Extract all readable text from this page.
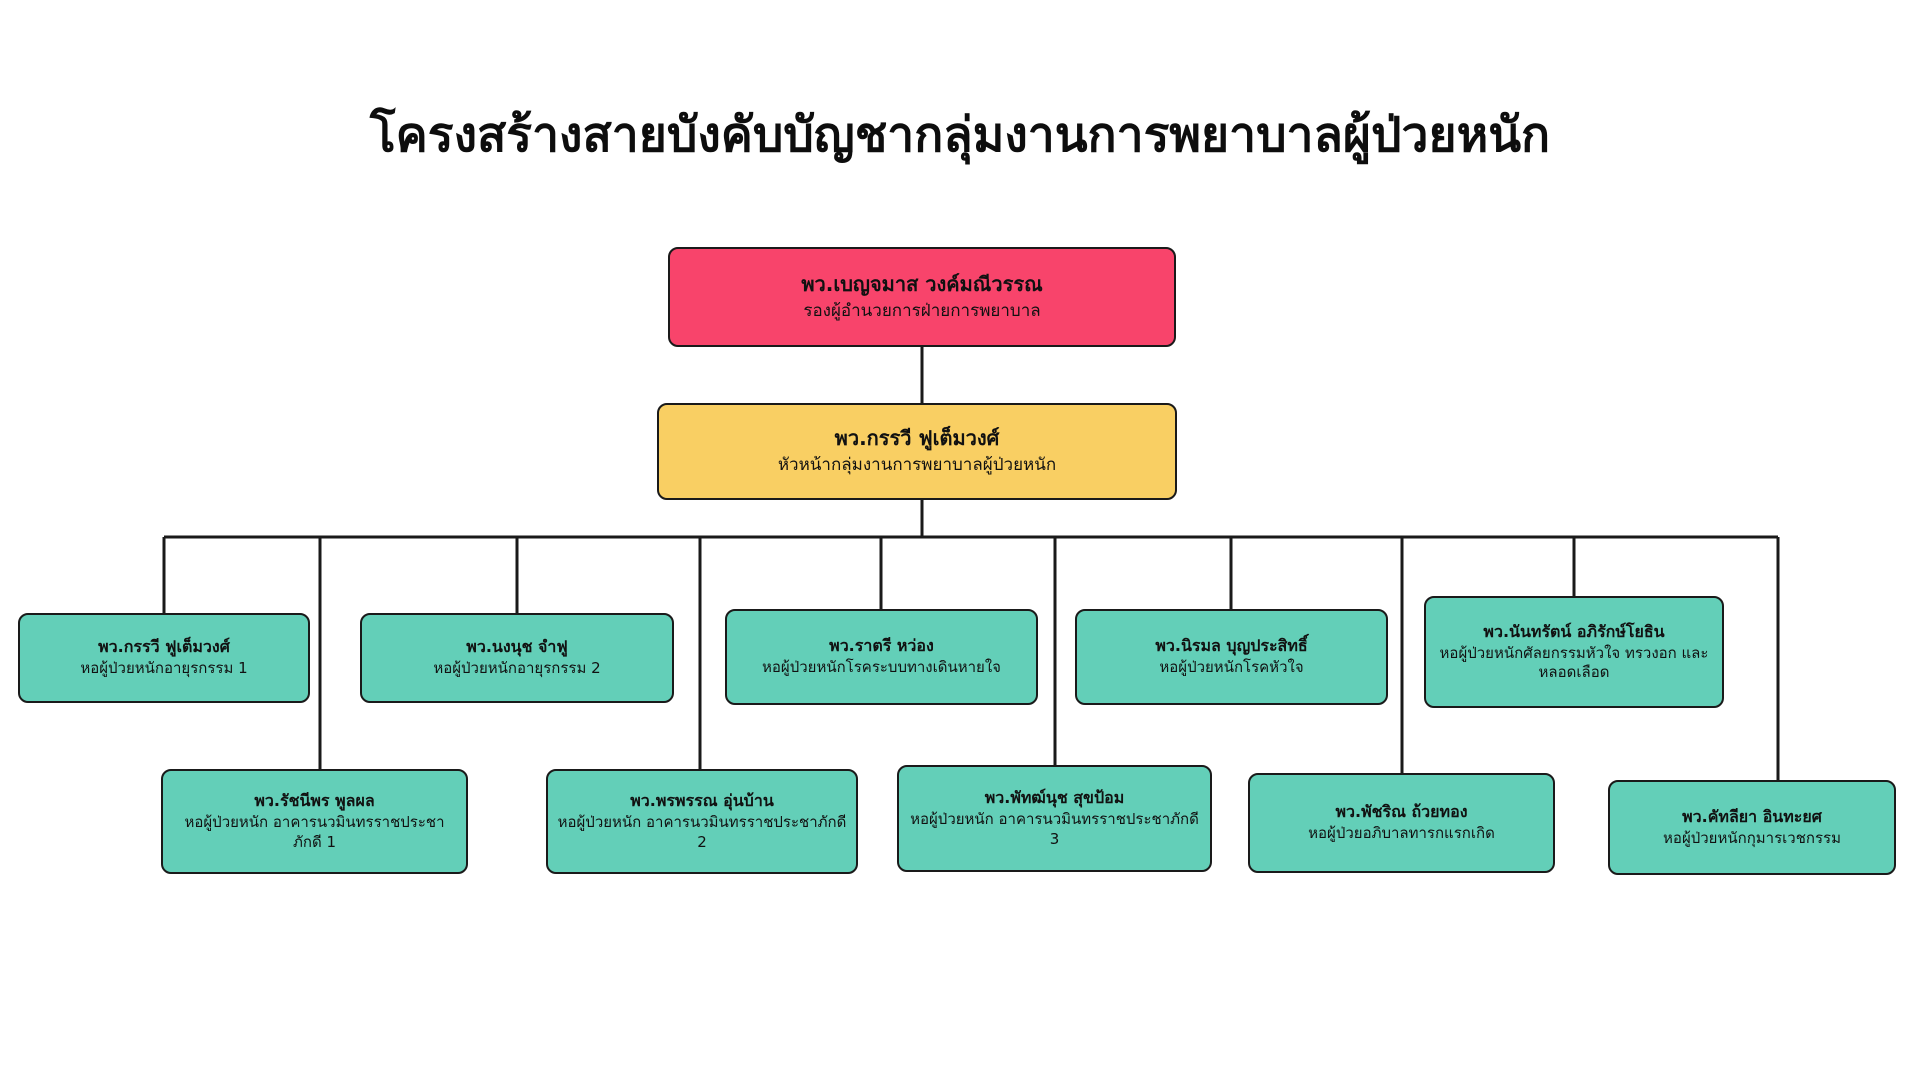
โครงสร้างสายบังคับบัญชากลุ่มงานการพยาบาลผู้ป่วยหนัก
พว.เบญจมาส วงค์มณีวรรณ
รองผู้อำนวยการฝ่ายการพยาบาล
พว.กรรวี ฟูเต็มวงศ์
หัวหน้ากลุ่มงานการพยาบาลผู้ป่วยหนัก
พว.กรรวี ฟูเต็มวงศ์
หอผู้ป่วยหนักอายุรกรรม 1
พว.นงนุช จำฟู
หอผู้ป่วยหนักอายุรกรรม 2
พว.ราตรี หว่อง
หอผู้ป่วยหนักโรคระบบทางเดินหายใจ
พว.นิรมล บุญประสิทธิ์
หอผู้ป่วยหนักโรคหัวใจ
พว.นันทรัตน์ อภิรักษ์โยธิน
หอผู้ป่วยหนักศัลยกรรมหัวใจ ทรวงอก และหลอดเลือด
พว.รัชนีพร พูลผล
หอผู้ป่วยหนัก อาคารนวมินทรราชประชาภักดี 1
พว.พรพรรณ อุ่นบ้าน
หอผู้ป่วยหนัก อาคารนวมินทรราชประชาภักดี 2
พว.พัทฒ์นุช สุขป้อม
หอผู้ป่วยหนัก อาคารนวมินทรราชประชาภักดี 3
พว.พัชริณ ถ้วยทอง
หอผู้ป่วยอภิบาลทารกแรกเกิด
พว.คัทลียา อินทะยศ
หอผู้ป่วยหนักกุมารเวชกรรม
